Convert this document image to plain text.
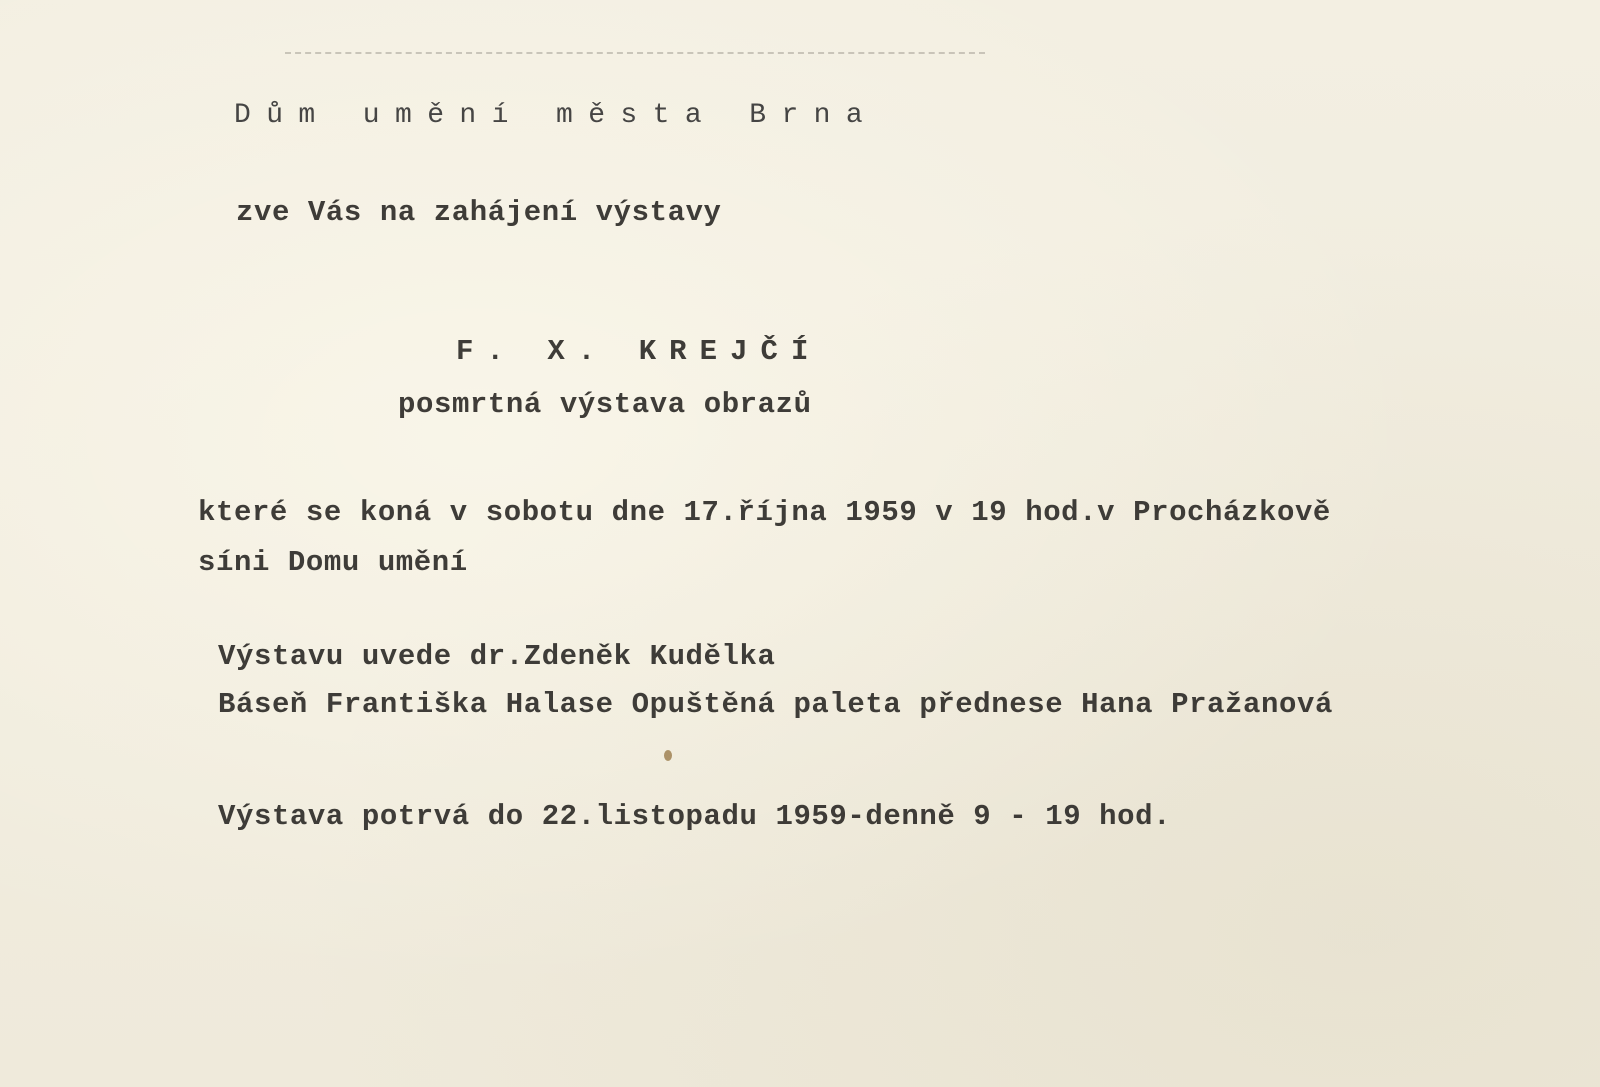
Dům umění města Brna

zve Vás na zahájení výstavy

F. X. KREJČÍ

posmrtná výstava obrazů

které se koná v sobotu dne 17.října 1959 v 19 hod.v Procházkově

síni Domu umění

Výstavu uvede dr.Zdeněk Kudělka

Báseň Františka Halase Opuštěná paleta přednese Hana Pražanová

Výstava potrvá do 22.listopadu 1959-denně 9 - 19 hod.
